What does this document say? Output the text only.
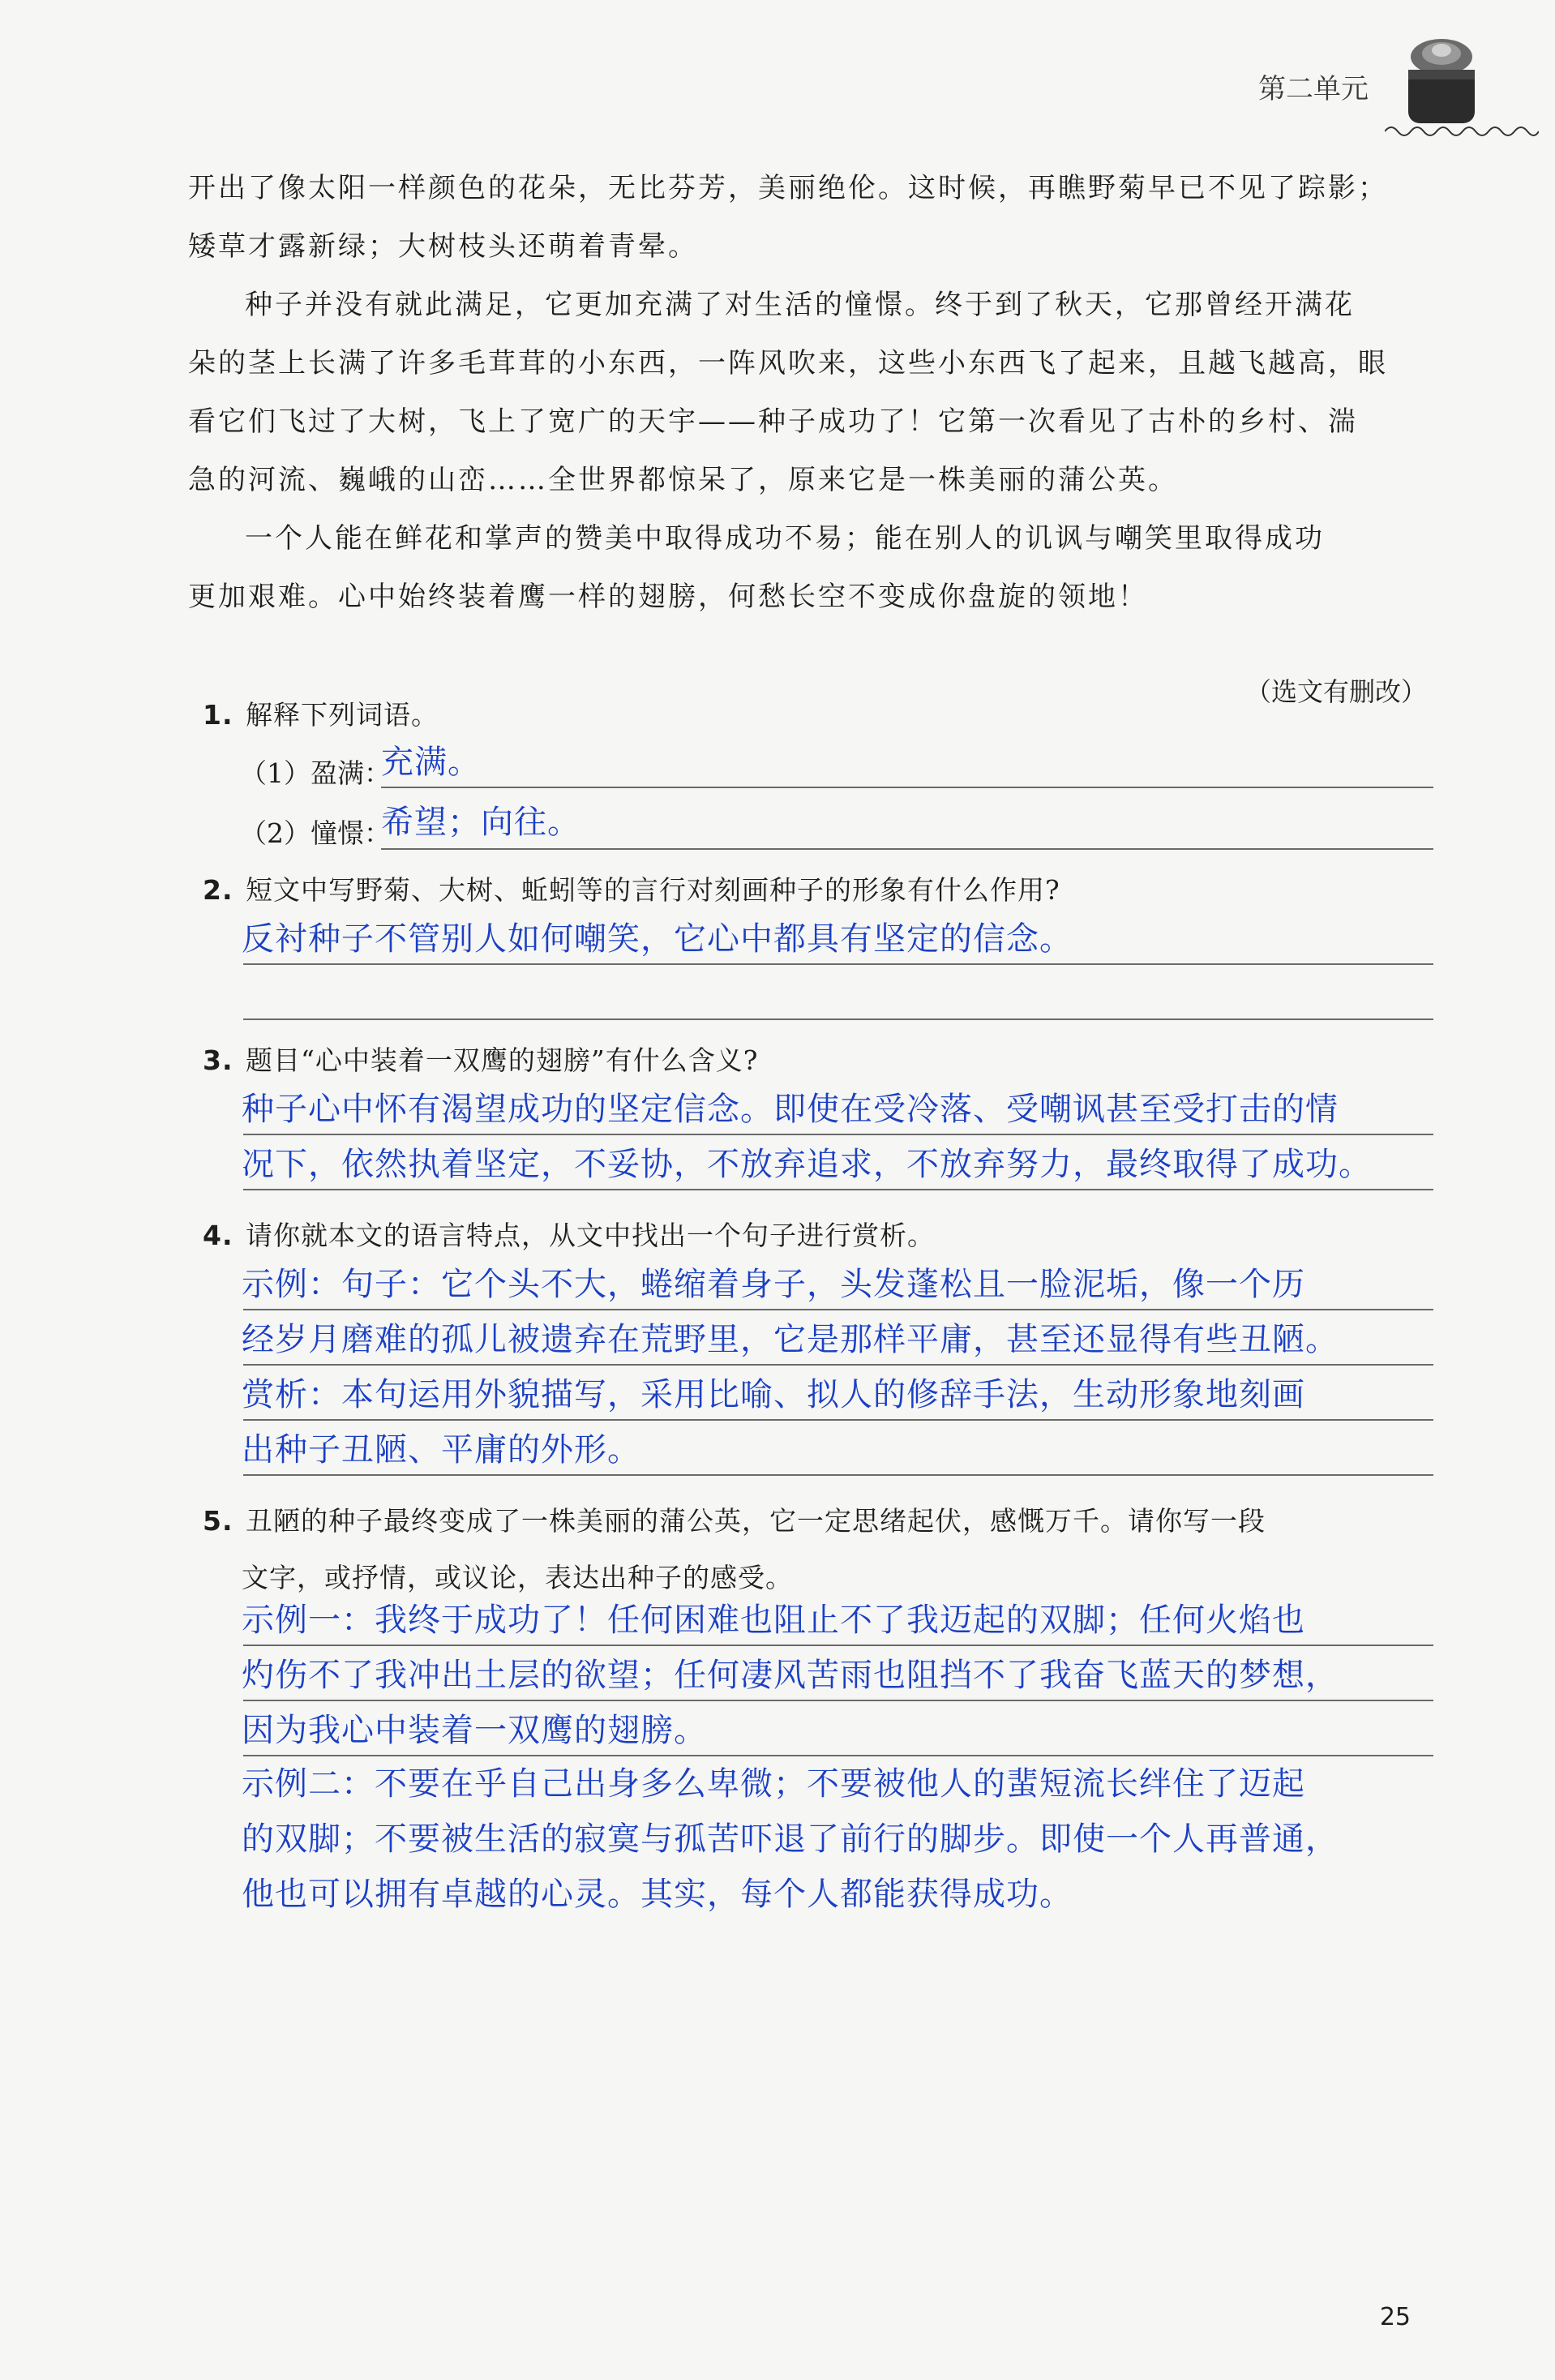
第二单元

开出了像太阳一样颜色的花朵，无比芬芳，美丽绝伦。这时候，再瞧野菊早已不见了踪影；

矮草才露新绿；大树枝头还萌着青晕。

种子并没有就此满足，它更加充满了对生活的憧憬。终于到了秋天，它那曾经开满花

朵的茎上长满了许多毛茸茸的小东西，一阵风吹来，这些小东西飞了起来，且越飞越高，眼

看它们飞过了大树，飞上了宽广的天宇——种子成功了！它第一次看见了古朴的乡村、湍

急的河流、巍峨的山峦……全世界都惊呆了，原来它是一株美丽的蒲公英。

一个人能在鲜花和掌声的赞美中取得成功不易；能在别人的讥讽与嘲笑里取得成功

更加艰难。心中始终装着鹰一样的翅膀，何愁长空不变成你盘旋的领地！

（选文有删改）
1. 解释下列词语。
（1）盈满：
充满。
（2）憧憬：
希望；向往。
2. 短文中写野菊、大树、蚯蚓等的言行对刻画种子的形象有什么作用?
反衬种子不管别人如何嘲笑，它心中都具有坚定的信念。
3. 题目“心中装着一双鹰的翅膀”有什么含义?
种子心中怀有渴望成功的坚定信念。即使在受冷落、受嘲讽甚至受打击的情
况下，依然执着坚定，不妥协，不放弃追求，不放弃努力，最终取得了成功。
4. 请你就本文的语言特点，从文中找出一个句子进行赏析。
示例：句子：它个头不大，蜷缩着身子，头发蓬松且一脸泥垢，像一个历
经岁月磨难的孤儿被遗弃在荒野里，它是那样平庸，甚至还显得有些丑陋。
赏析：本句运用外貌描写，采用比喻、拟人的修辞手法，生动形象地刻画
出种子丑陋、平庸的外形。
5. 丑陋的种子最终变成了一株美丽的蒲公英，它一定思绪起伏，感慨万千。请你写一段
文字，或抒情，或议论，表达出种子的感受。
示例一：我终于成功了！任何困难也阻止不了我迈起的双脚；任何火焰也
灼伤不了我冲出土层的欲望；任何凄风苦雨也阻挡不了我奋飞蓝天的梦想，
因为我心中装着一双鹰的翅膀。
示例二：不要在乎自己出身多么卑微；不要被他人的蜚短流长绊住了迈起
的双脚；不要被生活的寂寞与孤苦吓退了前行的脚步。即使一个人再普通，
他也可以拥有卓越的心灵。其实，每个人都能获得成功。
25
